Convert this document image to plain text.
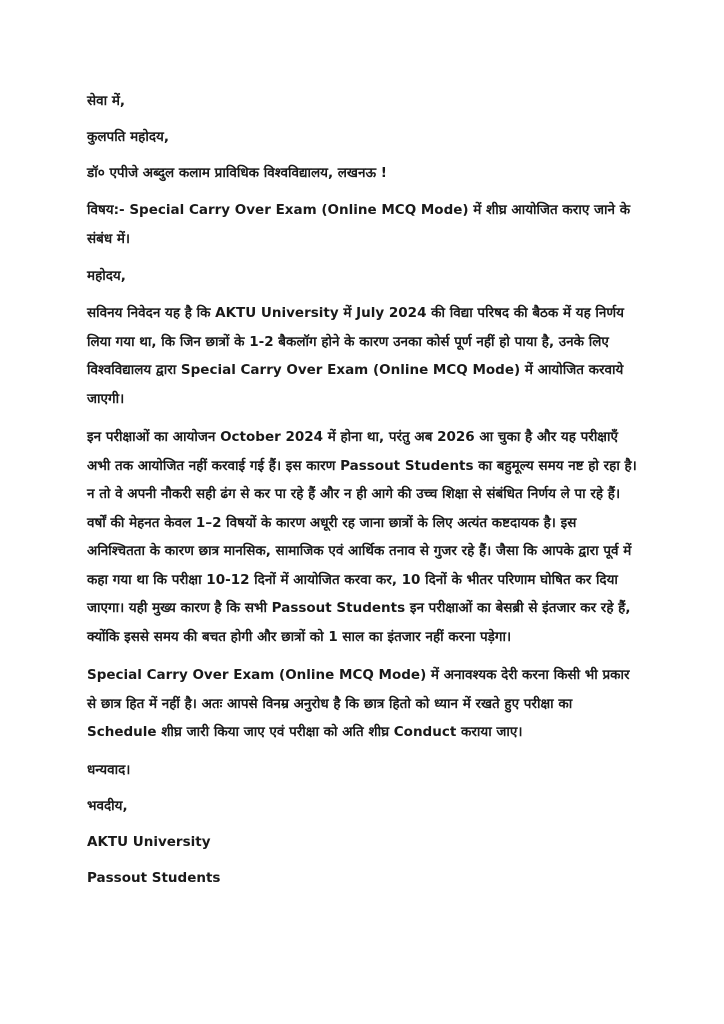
सेवा में,

कुलपति महोदय,

डॉ० एपीजे अब्दुल कलाम प्राविधिक विश्वविद्यालय, लखनऊ !

विषय:- Special Carry Over Exam (Online MCQ Mode) में शीघ्र आयोजित कराए जाने के संबंध में।

महोदय,

सविनय निवेदन यह है कि AKTU University में July 2024 की विद्या परिषद की बैठक में यह निर्णय लिया गया था, कि जिन छात्रों के 1-2 बैकलॉग होने के कारण उनका कोर्स पूर्ण नहीं हो पाया है, उनके लिए विश्वविद्यालय द्वारा Special Carry Over Exam (Online MCQ Mode) में आयोजित करवाये जाएगी।

इन परीक्षाओं का आयोजन October 2024 में होना था, परंतु अब 2026 आ चुका है और यह परीक्षाएँ अभी तक आयोजित नहीं करवाई गई हैं। इस कारण Passout Students का बहुमूल्य समय नष्ट हो रहा है। न तो वे अपनी नौकरी सही ढंग से कर पा रहे हैं और न ही आगे की उच्च शिक्षा से संबंधित निर्णय ले पा रहे हैं। वर्षों की मेहनत केवल 1–2 विषयों के कारण अधूरी रह जाना छात्रों के लिए अत्यंत कष्टदायक है। इस अनिश्चितता के कारण छात्र मानसिक, सामाजिक एवं आर्थिक तनाव से गुजर रहे हैं। जैसा कि आपके द्वारा पूर्व में कहा गया था कि परीक्षा 10-12 दिनों में आयोजित करवा कर, 10 दिनों के भीतर परिणाम घोषित कर दिया जाएगा। यही मुख्य कारण है कि सभी Passout Students इन परीक्षाओं का बेसब्री से इंतजार कर रहे हैं, क्योंकि इससे समय की बचत होगी और छात्रों को 1 साल का इंतजार नहीं करना पड़ेगा।

Special Carry Over Exam (Online MCQ Mode) में अनावश्यक देरी करना किसी भी प्रकार से छात्र हित में नहीं है। अतः आपसे विनम्र अनुरोध है कि छात्र हितो को ध्यान में रखते हुए परीक्षा का Schedule शीघ्र जारी किया जाए एवं परीक्षा को अति शीघ्र Conduct कराया जाए।

धन्यवाद।

भवदीय,

AKTU University

Passout Students
